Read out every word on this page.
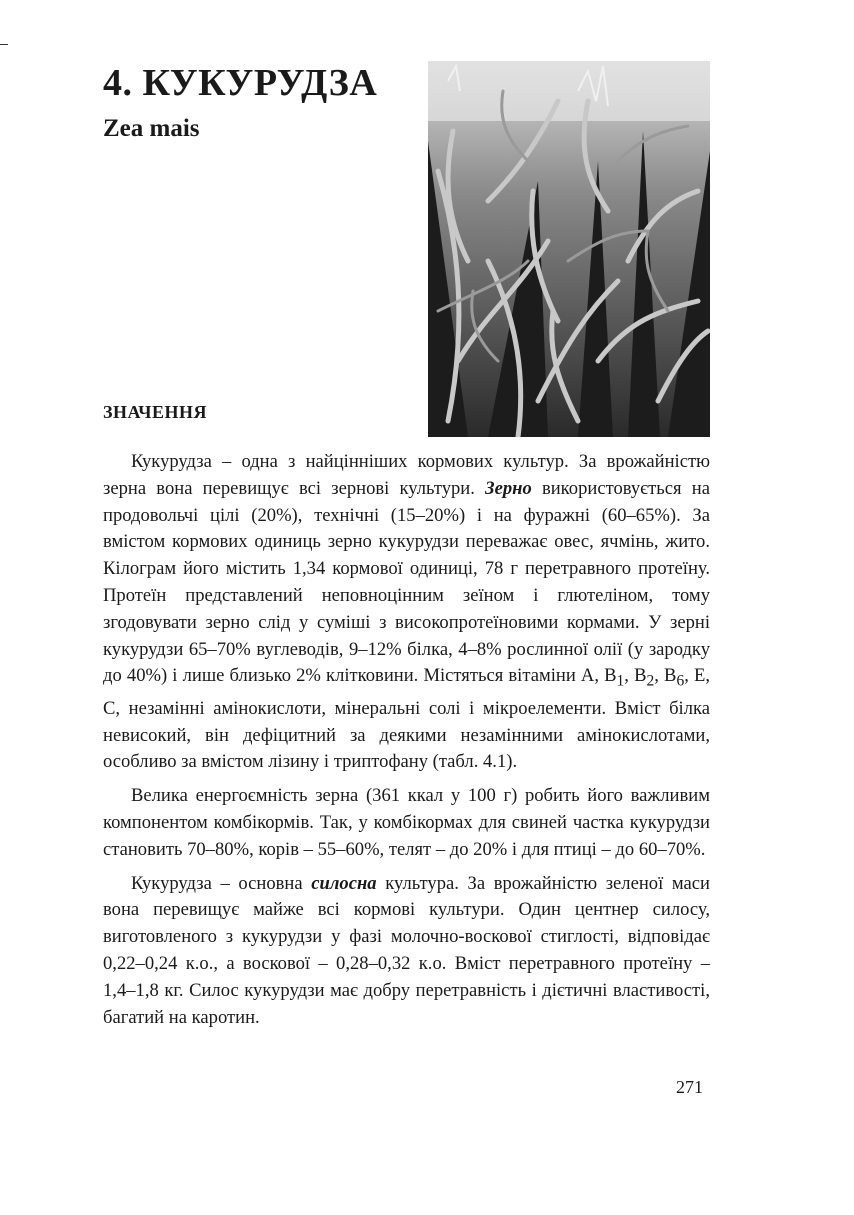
4. КУКУРУДЗА
Zea mais
ЗНАЧЕННЯ

Кукурудза – одна з найцінніших кормових культур. За врожайністю зерна вона перевищує всі зернові культури. Зерно використовується на продовольчі цілі (20%), технічні (15–20%) і на фуражні (60–65%). За вмістом кормових одиниць зерно кукурудзи переважає овес, ячмінь, жито. Кілограм його містить 1,34 кормової одиниці, 78 г перетравного протеїну. Протеїн представлений неповноцінним зеїном і глютеліном, тому згодовувати зерно слід у суміші з високопротеїновими кормами. У зерні кукурудзи 65–70% вуглеводів, 9–12% білка, 4–8% рослинної олії (у зародку до 40%) і лише близько 2% клітковини. Містяться вітаміни А, $В_1$, $В_2$, $В_6$, Е, С, незамінні амінокислоти, мінеральні солі і мікроелементи. Вміст білка невисокий, він дефіцитний за деякими незамінними амінокислотами, особливо за вмістом лізину і триптофану (табл. 4.1).

Велика енергоємність зерна (361 ккал у 100 г) робить його важливим компонентом комбікормів. Так, у комбікормах для свиней частка кукурудзи становить 70–80%, корів – 55–60%, телят – до 20% і для птиці – до 60–70%.

Кукурудза – основна силосна культура. За врожайністю зеленої маси вона перевищує майже всі кормові культури. Один центнер силосу, виготовленого з кукурудзи у фазі молочно-воскової стиглості, відповідає 0,22–0,24 к.о., а воскової – 0,28–0,32 к.о. Вміст перетравного протеїну – 1,4–1,8 кг. Силос кукурудзи має добру перетравність і дієтичні властивості, багатий на каротин.

271
